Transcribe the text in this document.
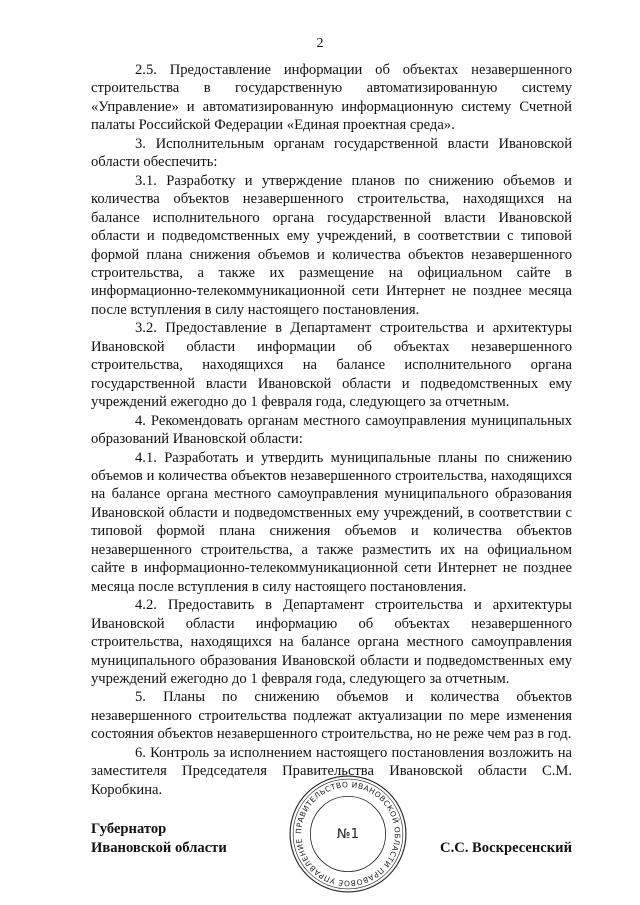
2

2.5. Предоставление информации об объектах незавершенного строительства в государственную автоматизированную систему «Управление» и автоматизированную информационную систему Счетной палаты Российской Федерации «Единая проектная среда».

3. Исполнительным органам государственной власти Ивановской области обеспечить:

3.1. Разработку и утверждение планов по снижению объемов и количества объектов незавершенного строительства, находящихся на балансе исполнительного органа государственной власти Ивановской области и подведомственных ему учреждений, в соответствии с типовой формой плана снижения объемов и количества объектов незавершенного строительства, а также их размещение на официальном сайте в информационно-телекоммуникационной сети Интернет не позднее месяца после вступления в силу настоящего постановления.

3.2. Предоставление в Департамент строительства и архитектуры Ивановской области информации об объектах незавершенного строительства, находящихся на балансе исполнительного органа государственной власти Ивановской области и подведомственных ему учреждений ежегодно до 1 февраля года, следующего за отчетным.

4. Рекомендовать органам местного самоуправления муниципальных образований Ивановской области:

4.1. Разработать и утвердить муниципальные планы по снижению объемов и количества объектов незавершенного строительства, находящихся на балансе органа местного самоуправления муниципального образования Ивановской области и подведомственных ему учреждений, в соответствии с типовой формой плана снижения объемов и количества объектов незавершенного строительства, а также разместить их на официальном сайте в информационно-телекоммуникационной сети Интернет не позднее месяца после вступления в силу настоящего постановления.

4.2. Предоставить в Департамент строительства и архитектуры Ивановской области информацию об объектах незавершенного строительства, находящихся на балансе органа местного самоуправления муниципального образования Ивановской области и подведомственных ему учреждений ежегодно до 1 февраля года, следующего за отчетным.

5. Планы по снижению объемов и количества объектов незавершенного строительства подлежат актуализации по мере изменения состояния объектов незавершенного строительства, но не реже чем раз в год.

6. Контроль за исполнением настоящего постановления возложить на заместителя Председателя Правительства Ивановской области С.М. Коробкина.

ПРАВИТЕЛЬСТВО ИВАНОВСКОЙ ОБЛАСТИ ПРАВОВОЕ УПРАВЛЕНИЕ	№1
Губернатор
Ивановской области	С.С. Воскресенский
